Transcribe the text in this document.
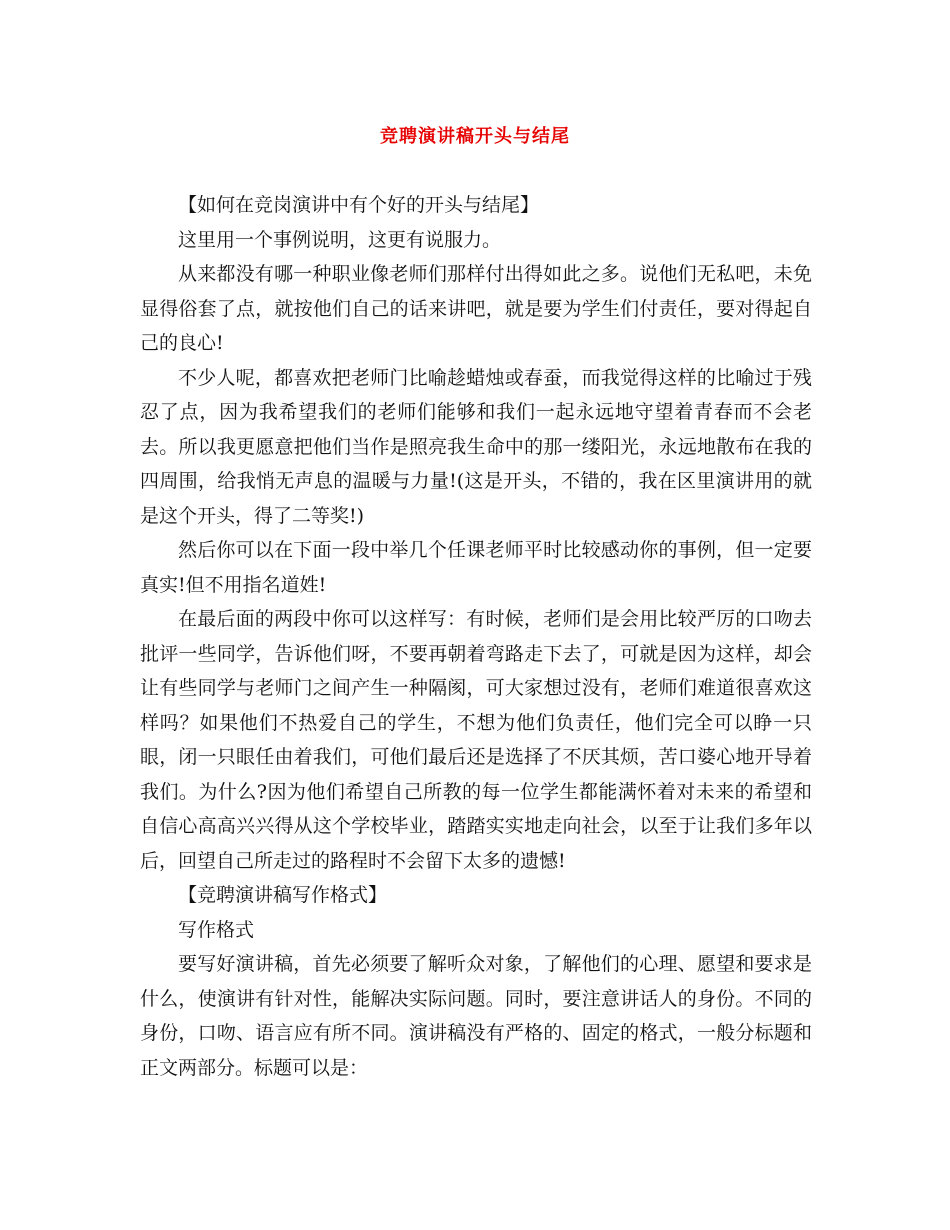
竞聘演讲稿开头与结尾

【如何在竞岗演讲中有个好的开头与结尾】

这里用一个事例说明，这更有说服力。

从来都没有哪一种职业像老师们那样付出得如此之多。说他们无私吧，未免显得俗套了点，就按他们自己的话来讲吧，就是要为学生们付责任，要对得起自己的良心!

不少人呢，都喜欢把老师门比喻趁蜡烛或春蚕，而我觉得这样的比喻过于残忍了点，因为我希望我们的老师们能够和我们一起永远地守望着青春而不会老去。所以我更愿意把他们当作是照亮我生命中的那一缕阳光，永远地散布在我的四周围，给我悄无声息的温暖与力量!(这是开头，不错的，我在区里演讲用的就是这个开头，得了二等奖!)

然后你可以在下面一段中举几个任课老师平时比较感动你的事例，但一定要真实!但不用指名道姓!

在最后面的两段中你可以这样写：有时候，老师们是会用比较严厉的口吻去批评一些同学，告诉他们呀，不要再朝着弯路走下去了，可就是因为这样，却会让有些同学与老师门之间产生一种隔阂，可大家想过没有，老师们难道很喜欢这样吗？如果他们不热爱自己的学生，不想为他们负责任，他们完全可以睁一只眼，闭一只眼任由着我们，可他们最后还是选择了不厌其烦，苦口婆心地开导着我们。为什么?因为他们希望自己所教的每一位学生都能满怀着对未来的希望和自信心高高兴兴得从这个学校毕业，踏踏实实地走向社会，以至于让我们多年以后，回望自己所走过的路程时不会留下太多的遗憾!

【竞聘演讲稿写作格式】

写作格式

要写好演讲稿，首先必须要了解听众对象，了解他们的心理、愿望和要求是什么，使演讲有针对性，能解决实际问题。同时，要注意讲话人的身份。不同的身份，口吻、语言应有所不同。演讲稿没有严格的、固定的格式，一般分标题和正文两部分。标题可以是：
